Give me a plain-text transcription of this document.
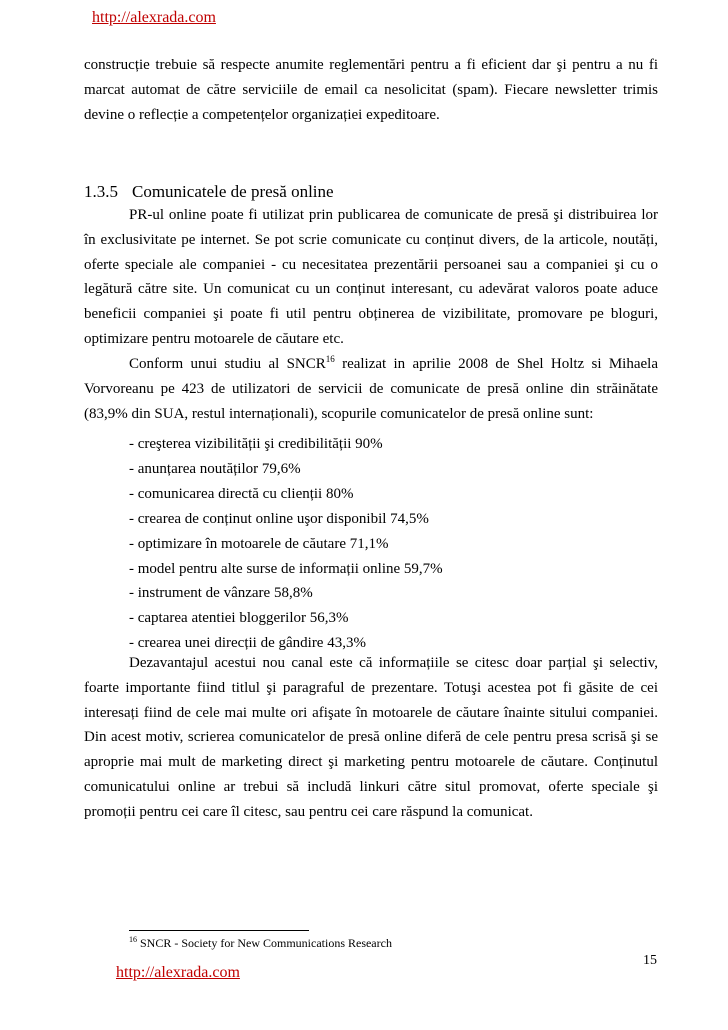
http://alexrada.com

construcție trebuie să respecte anumite reglementări pentru a fi eficient dar şi pentru a nu fi marcat automat de către serviciile de email ca nesolicitat (spam). Fiecare newsletter trimis devine o reflecție a competențelor organizației expeditoare.

1.3.5 Comunicatele de presă online

PR-ul online poate fi utilizat prin publicarea de comunicate de presă şi distribuirea lor în exclusivitate pe internet. Se pot scrie comunicate cu conținut divers, de la articole, noutăți, oferte speciale ale companiei - cu necesitatea prezentării persoanei sau a companiei şi cu o legătură către site. Un comunicat cu un conținut interesant, cu adevărat valoros poate aduce beneficii companiei şi poate fi util pentru obținerea de vizibilitate, promovare pe bloguri, optimizare pentru motoarele de căutare etc.

Conform unui studiu al SNCR$^{16}$ realizat in aprilie 2008 de Shel Holtz si Mihaela Vorvoreanu pe 423 de utilizatori de servicii de comunicate de presă online din străinătate (83,9% din SUA, restul internaționali), scopurile comunicatelor de presă online sunt:

- creşterea vizibilității şi credibilității 90%
- anunțarea noutăților 79,6%
- comunicarea directă cu clienții 80%
- crearea de conținut online uşor disponibil 74,5%
- optimizare în motoarele de căutare 71,1%
- model pentru alte surse de informații online 59,7%
- instrument de vânzare 58,8%
- captarea atentiei bloggerilor 56,3%
- crearea unei direcții de gândire 43,3%

Dezavantajul acestui nou canal este că informațiile se citesc doar parțial şi selectiv, foarte importante fiind titlul şi paragraful de prezentare. Totuşi acestea pot fi găsite de cei interesați fiind de cele mai multe ori afişate în motoarele de căutare înainte sitului companiei. Din acest motiv, scrierea comunicatelor de presă online diferă de cele pentru presa scrisă şi se aproprie mai mult de marketing direct şi marketing pentru motoarele de căutare. Conținutul comunicatului online ar trebui să includă linkuri către situl promovat, oferte speciale şi promoții pentru cei care îl citesc, sau pentru cei care răspund la comunicat.

$^{16}$ SNCR - Society for New Communications Research

15
http://alexrada.com
